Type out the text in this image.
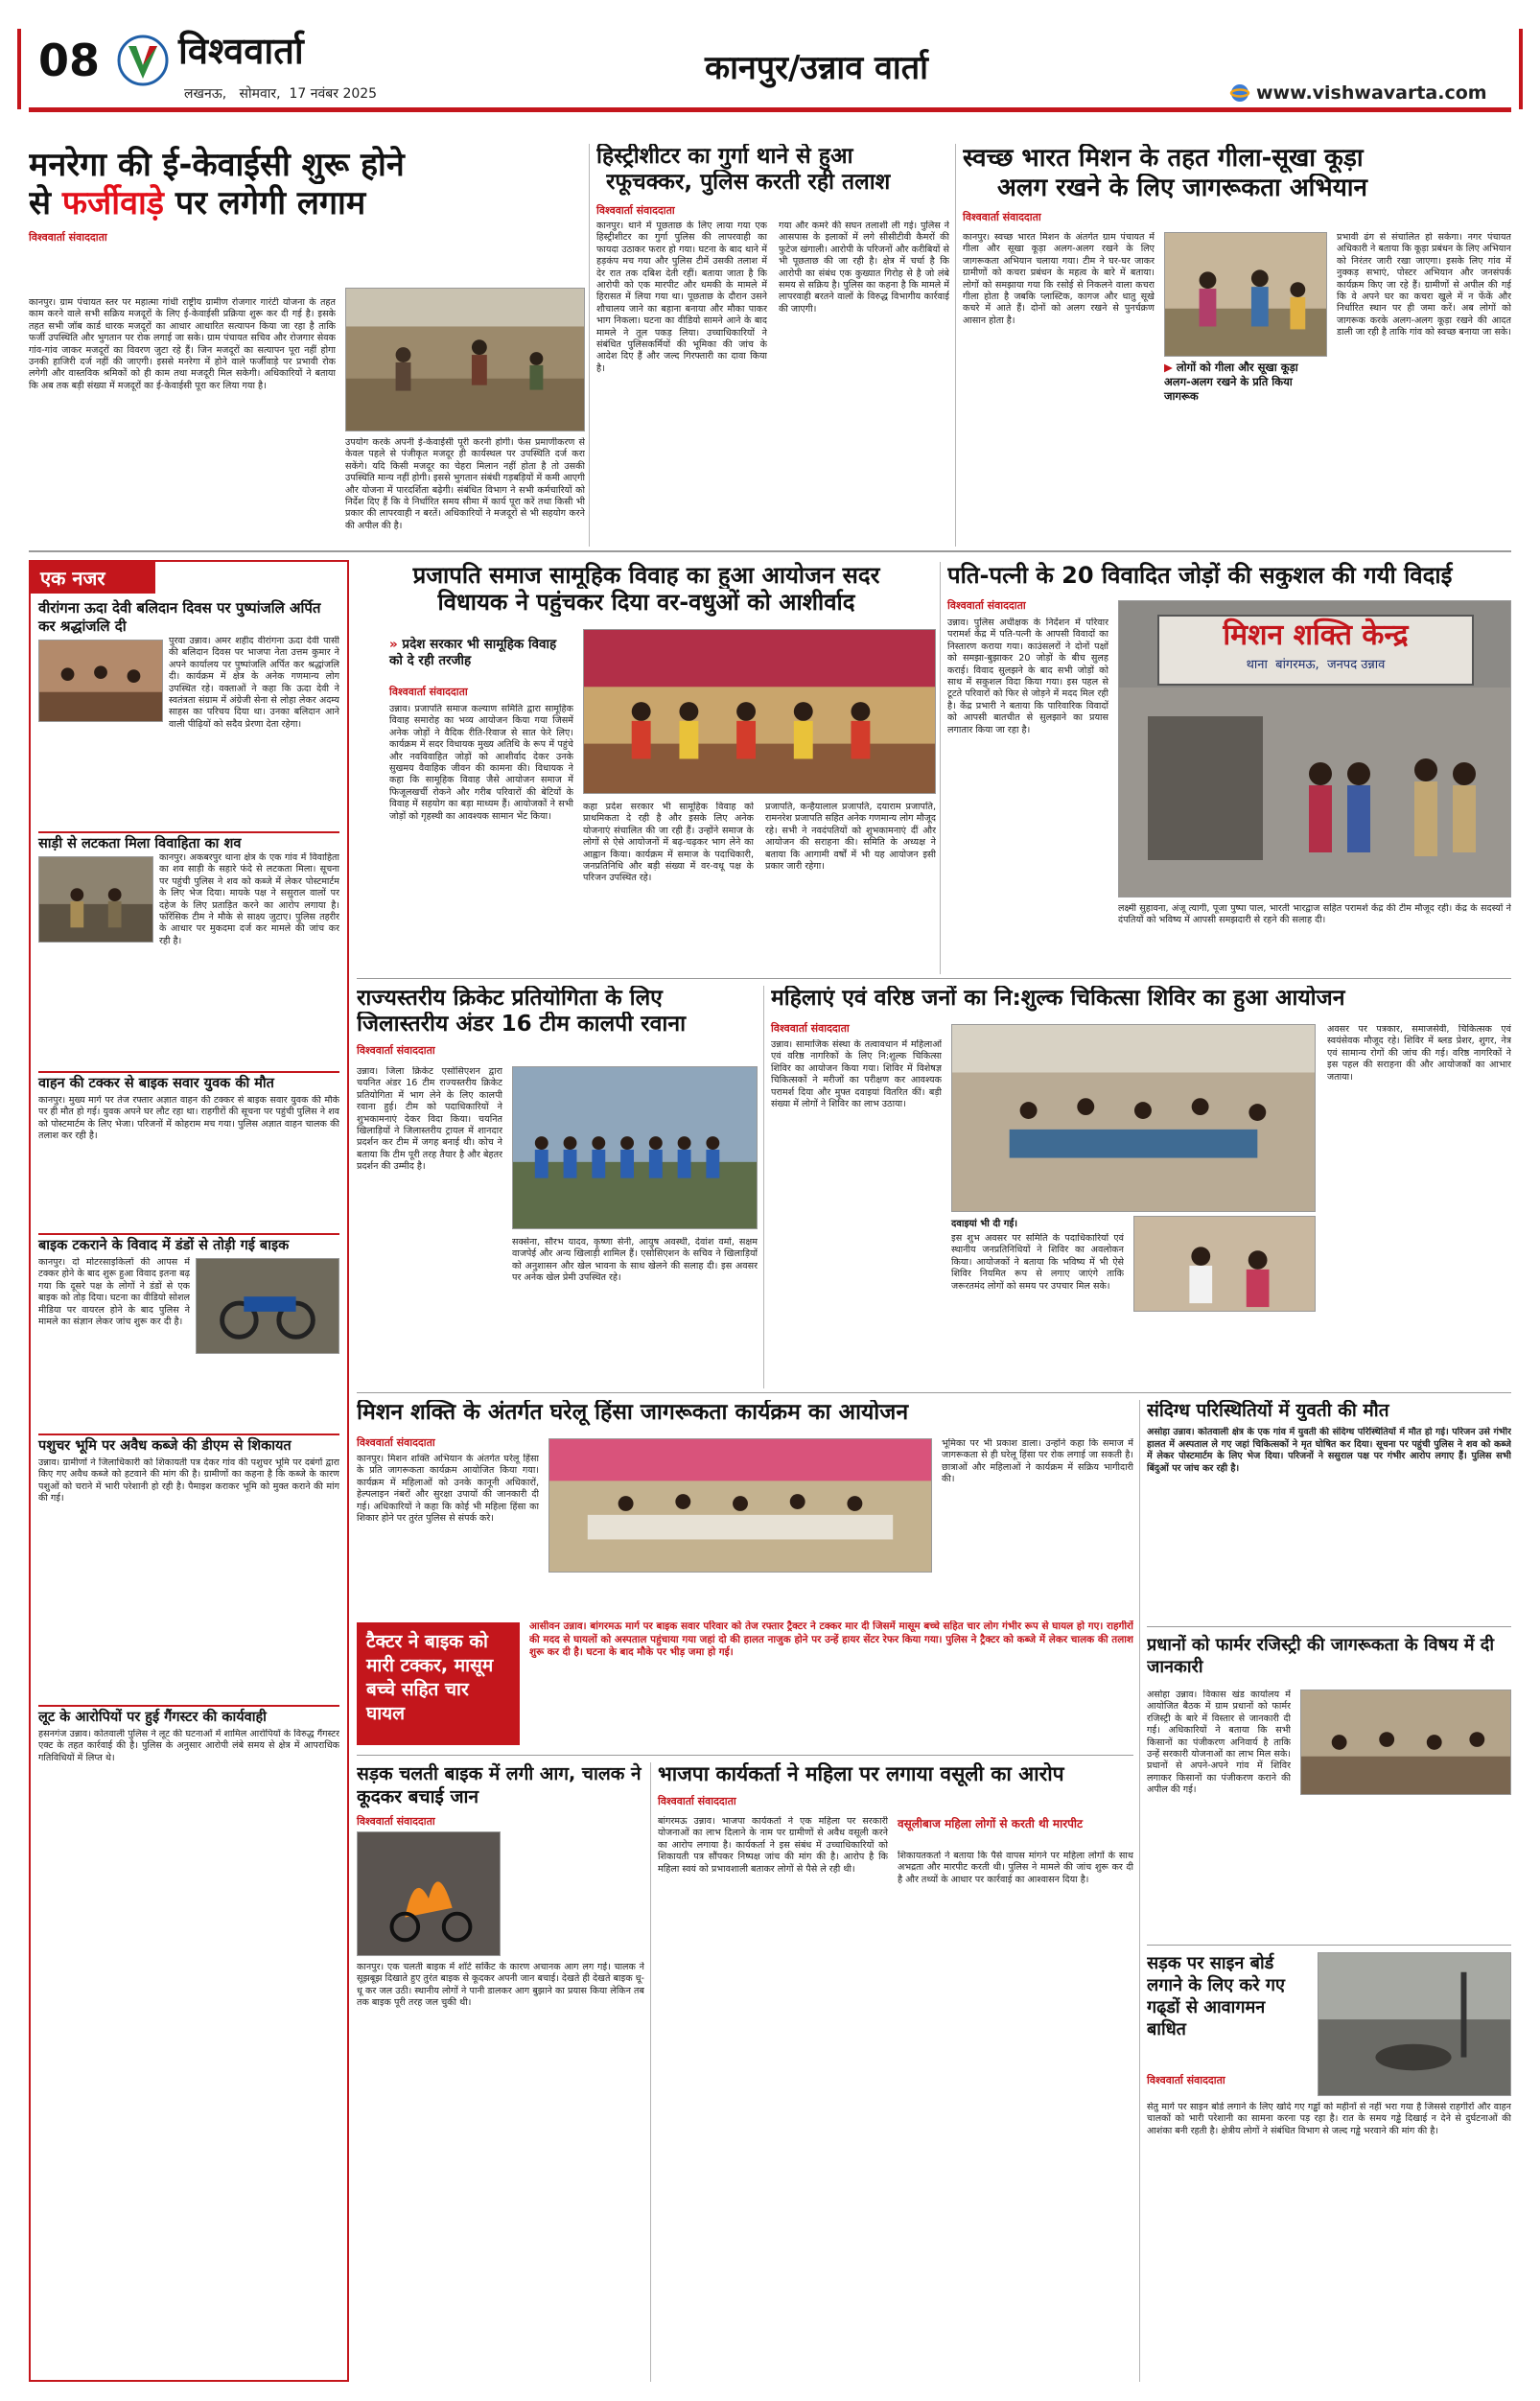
08 विश्ववार्ता
लखनऊ,   सोमवार,  17 नवंबर 2025
कानपुर/उन्नाव वार्ता
www.vishwavarta.com
मनरेगा की ई-केवाईसी शुरू होने
से फर्जीवाड़े पर लगेगी लगाम
विश्ववार्ता संवाददाता
कानपुर। ग्राम पंचायत स्तर पर महात्मा गांधी राष्ट्रीय ग्रामीण रोजगार गारंटी योजना के तहत काम करने वाले सभी सक्रिय मजदूरों के लिए ई-केवाईसी प्रक्रिया शुरू कर दी गई है। इसके तहत सभी जॉब कार्ड धारक मजदूरों का आधार आधारित सत्यापन किया जा रहा है ताकि फर्जी उपस्थिति और भुगतान पर रोक लगाई जा सके। ग्राम पंचायत सचिव और रोजगार सेवक गांव-गांव जाकर मजदूरों का विवरण जुटा रहे हैं। जिन मजदूरों का सत्यापन पूरा नहीं होगा उनकी हाजिरी दर्ज नहीं की जाएगी। इससे मनरेगा में होने वाले फर्जीवाड़े पर प्रभावी रोक लगेगी और वास्तविक श्रमिकों को ही काम तथा मजदूरी मिल सकेगी। अधिकारियों ने बताया कि अब तक बड़ी संख्या में मजदूरों का ई-केवाईसी पूरा कर लिया गया है।
उपयोग करके अपनी ई-केवाईसी पूरी करनी होगी। फेस प्रमाणीकरण से केवल पहले से पंजीकृत मजदूर ही कार्यस्थल पर उपस्थिति दर्ज करा सकेंगे। यदि किसी मजदूर का चेहरा मिलान नहीं होता है तो उसकी उपस्थिति मान्य नहीं होगी। इससे भुगतान संबंधी गड़बड़ियों में कमी आएगी और योजना में पारदर्शिता बढ़ेगी। संबंधित विभाग ने सभी कर्मचारियों को निर्देश दिए हैं कि वे निर्धारित समय सीमा में कार्य पूरा करें तथा किसी भी प्रकार की लापरवाही न बरतें। अधिकारियों ने मजदूरों से भी सहयोग करने की अपील की है।
हिस्ट्रीशीटर का गुर्गा थाने से हुआ
रफूचक्कर, पुलिस करती रही तलाश
विश्ववार्ता संवाददाता
कानपुर। थाने में पूछताछ के लिए लाया गया एक हिस्ट्रीशीटर का गुर्गा पुलिस की लापरवाही का फायदा उठाकर फरार हो गया। घटना के बाद थाने में हड़कंप मच गया और पुलिस टीमें उसकी तलाश में देर रात तक दबिश देती रहीं। बताया जाता है कि आरोपी को एक मारपीट और धमकी के मामले में हिरासत में लिया गया था। पूछताछ के दौरान उसने शौचालय जाने का बहाना बनाया और मौका पाकर भाग निकला। घटना का वीडियो सामने आने के बाद मामले ने तूल पकड़ लिया। उच्चाधिकारियों ने संबंधित पुलिसकर्मियों की भूमिका की जांच के आदेश दिए हैं और जल्द गिरफ्तारी का दावा किया है।
गया और कमरे की सघन तलाशी ली गई। पुलिस ने आसपास के इलाकों में लगे सीसीटीवी कैमरों की फुटेज खंगाली। आरोपी के परिजनों और करीबियों से भी पूछताछ की जा रही है। क्षेत्र में चर्चा है कि आरोपी का संबंध एक कुख्यात गिरोह से है जो लंबे समय से सक्रिय है। पुलिस का कहना है कि मामले में लापरवाही बरतने वालों के विरुद्ध विभागीय कार्रवाई की जाएगी।
स्वच्छ भारत मिशन के तहत गीला-सूखा कूड़ा
अलग रखने के लिए जागरूकता अभियान
विश्ववार्ता संवाददाता
कानपुर। स्वच्छ भारत मिशन के अंतर्गत ग्राम पंचायत में गीला और सूखा कूड़ा अलग-अलग रखने के लिए जागरूकता अभियान चलाया गया। टीम ने घर-घर जाकर ग्रामीणों को कचरा प्रबंधन के महत्व के बारे में बताया। लोगों को समझाया गया कि रसोई से निकलने वाला कचरा गीला होता है जबकि प्लास्टिक, कागज और धातु सूखे कचरे में आते हैं। दोनों को अलग रखने से पुनर्चक्रण आसान होता है।
▶ लोगों को गीला और सूखा कूड़ा अलग-अलग रखने के प्रति किया जागरूक
प्रभावी ढंग से संचालित हो सकेगा। नगर पंचायत अधिकारी ने बताया कि कूड़ा प्रबंधन के लिए अभियान को निरंतर जारी रखा जाएगा। इसके लिए गांव में नुक्कड़ सभाएं, पोस्टर अभियान और जनसंपर्क कार्यक्रम किए जा रहे हैं। ग्रामीणों से अपील की गई कि वे अपने घर का कचरा खुले में न फेंकें और निर्धारित स्थान पर ही जमा करें। अब लोगों को जागरूक करके अलग-अलग कूड़ा रखने की आदत डाली जा रही है ताकि गांव को स्वच्छ बनाया जा सके।
एक नजर
वीरांगना ऊदा देवी बलिदान दिवस पर पुष्पांजलि अर्पित कर श्रद्धांजलि दी
पुरवा उन्नाव। अमर शहीद वीरांगना ऊदा देवी पासी की बलिदान दिवस पर भाजपा नेता उत्तम कुमार ने अपने कार्यालय पर पुष्पांजलि अर्पित कर श्रद्धांजलि दी। कार्यक्रम में क्षेत्र के अनेक गणमान्य लोग उपस्थित रहे। वक्ताओं ने कहा कि ऊदा देवी ने स्वतंत्रता संग्राम में अंग्रेजी सेना से लोहा लेकर अदम्य साहस का परिचय दिया था। उनका बलिदान आने वाली पीढ़ियों को सदैव प्रेरणा देता रहेगा।
साड़ी से लटकता मिला विवाहिता का शव
कानपुर। अकबरपुर थाना क्षेत्र के एक गांव में विवाहिता का शव साड़ी के सहारे फंदे से लटकता मिला। सूचना पर पहुंची पुलिस ने शव को कब्जे में लेकर पोस्टमार्टम के लिए भेज दिया। मायके पक्ष ने ससुराल वालों पर दहेज के लिए प्रताड़ित करने का आरोप लगाया है। फॉरेंसिक टीम ने मौके से साक्ष्य जुटाए। पुलिस तहरीर के आधार पर मुकदमा दर्ज कर मामले की जांच कर रही है।
वाहन की टक्कर से बाइक सवार युवक की मौत
कानपुर। मुख्य मार्ग पर तेज रफ्तार अज्ञात वाहन की टक्कर से बाइक सवार युवक की मौके पर ही मौत हो गई। युवक अपने घर लौट रहा था। राहगीरों की सूचना पर पहुंची पुलिस ने शव को पोस्टमार्टम के लिए भेजा। परिजनों में कोहराम मच गया। पुलिस अज्ञात वाहन चालक की तलाश कर रही है।
बाइक टकराने के विवाद में डंडों से तोड़ी गई बाइक
कानपुर। दो मोटरसाइकिलों की आपस में टक्कर होने के बाद शुरू हुआ विवाद इतना बढ़ गया कि दूसरे पक्ष के लोगों ने डंडों से एक बाइक को तोड़ दिया। घटना का वीडियो सोशल मीडिया पर वायरल होने के बाद पुलिस ने मामले का संज्ञान लेकर जांच शुरू कर दी है।
पशुचर भूमि पर अवैध कब्जे की डीएम से शिकायत
उन्नाव। ग्रामीणों ने जिलाधिकारी को शिकायती पत्र देकर गांव की पशुचर भूमि पर दबंगों द्वारा किए गए अवैध कब्जे को हटवाने की मांग की है। ग्रामीणों का कहना है कि कब्जे के कारण पशुओं को चराने में भारी परेशानी हो रही है। पैमाइश कराकर भूमि को मुक्त कराने की मांग की गई।
लूट के आरोपियों पर हुई गैंगस्टर की कार्यवाही
हसनगंज उन्नाव। कोतवाली पुलिस ने लूट की घटनाओं में शामिल आरोपियों के विरुद्ध गैंगस्टर एक्ट के तहत कार्रवाई की है। पुलिस के अनुसार आरोपी लंबे समय से क्षेत्र में आपराधिक गतिविधियों में लिप्त थे।
प्रजापति समाज सामूहिक विवाह का हुआ आयोजन सदर
विधायक ने पहुंचकर दिया वर-वधुओं को आशीर्वाद
» प्रदेश सरकार भी सामूहिक विवाह को दे रही तरजीह
विश्ववार्ता संवाददाता
उन्नाव। प्रजापति समाज कल्याण समिति द्वारा सामूहिक विवाह समारोह का भव्य आयोजन किया गया जिसमें अनेक जोड़ों ने वैदिक रीति-रिवाज से सात फेरे लिए। कार्यक्रम में सदर विधायक मुख्य अतिथि के रूप में पहुंचे और नवविवाहित जोड़ों को आशीर्वाद देकर उनके सुखमय वैवाहिक जीवन की कामना की। विधायक ने कहा कि सामूहिक विवाह जैसे आयोजन समाज में फिजूलखर्ची रोकने और गरीब परिवारों की बेटियों के विवाह में सहयोग का बड़ा माध्यम हैं। आयोजकों ने सभी जोड़ों को गृहस्थी का आवश्यक सामान भेंट किया।
कहा प्रदेश सरकार भी सामूहिक विवाह को प्राथमिकता दे रही है और इसके लिए अनेक योजनाएं संचालित की जा रही हैं। उन्होंने समाज के लोगों से ऐसे आयोजनों में बढ़-चढ़कर भाग लेने का आह्वान किया। कार्यक्रम में समाज के पदाधिकारी, जनप्रतिनिधि और बड़ी संख्या में वर-वधू पक्ष के परिजन उपस्थित रहे।
प्रजापति, कन्हैयालाल प्रजापति, दयाराम प्रजापति, रामनरेश प्रजापति सहित अनेक गणमान्य लोग मौजूद रहे। सभी ने नवदंपतियों को शुभकामनाएं दीं और आयोजन की सराहना की। समिति के अध्यक्ष ने बताया कि आगामी वर्षों में भी यह आयोजन इसी प्रकार जारी रहेगा।
पति-पत्नी के 20 विवादित जोड़ों की सकुशल की गयी विदाई
विश्ववार्ता संवाददाता
उन्नाव। पुलिस अधीक्षक के निर्देशन में परिवार परामर्श केंद्र में पति-पत्नी के आपसी विवादों का निस्तारण कराया गया। काउंसलरों ने दोनों पक्षों को समझा-बुझाकर 20 जोड़ों के बीच सुलह कराई। विवाद सुलझने के बाद सभी जोड़ों को साथ में सकुशल विदा किया गया। इस पहल से टूटते परिवारों को फिर से जोड़ने में मदद मिल रही है। केंद्र प्रभारी ने बताया कि पारिवारिक विवादों को आपसी बातचीत से सुलझाने का प्रयास लगातार किया जा रहा है।
मिशन शक्ति केन्द्र
थाना  बांगरमऊ,  जनपद उन्नाव
लक्ष्मी सुहावना, अंजू त्यागी, पूजा पुष्पा पाल, भारती भारद्वाज सहित परामर्श केंद्र की टीम मौजूद रही। केंद्र के सदस्यों ने दंपतियों को भविष्य में आपसी समझदारी से रहने की सलाह दी।
राज्यस्तरीय क्रिकेट प्रतियोगिता के लिए
जिलास्तरीय अंडर 16 टीम कालपी रवाना
विश्ववार्ता संवाददाता
उन्नाव। जिला क्रिकेट एसोसिएशन द्वारा चयनित अंडर 16 टीम राज्यस्तरीय क्रिकेट प्रतियोगिता में भाग लेने के लिए कालपी रवाना हुई। टीम को पदाधिकारियों ने शुभकामनाएं देकर विदा किया। चयनित खिलाड़ियों ने जिलास्तरीय ट्रायल में शानदार प्रदर्शन कर टीम में जगह बनाई थी। कोच ने बताया कि टीम पूरी तरह तैयार है और बेहतर प्रदर्शन की उम्मीद है।
सक्सेना, सौरभ यादव, कृष्णा सेनी, आयुष अवस्थी, देवांश वर्मा, सक्षम वाजपेई और अन्य खिलाड़ी शामिल हैं। एसोसिएशन के सचिव ने खिलाड़ियों को अनुशासन और खेल भावना के साथ खेलने की सलाह दी। इस अवसर पर अनेक खेल प्रेमी उपस्थित रहे।
महिलाएं एवं वरिष्ठ जनों का नि:शुल्क चिकित्सा शिविर का हुआ आयोजन
विश्ववार्ता संवाददाता
उन्नाव। सामाजिक संस्था के तत्वावधान में महिलाओं एवं वरिष्ठ नागरिकों के लिए नि:शुल्क चिकित्सा शिविर का आयोजन किया गया। शिविर में विशेषज्ञ चिकित्सकों ने मरीजों का परीक्षण कर आवश्यक परामर्श दिया और मुफ्त दवाइयां वितरित कीं। बड़ी संख्या में लोगों ने शिविर का लाभ उठाया।
दवाइयां भी दी गईं।
इस शुभ अवसर पर समिति के पदाधिकारियों एवं स्थानीय जनप्रतिनिधियों ने शिविर का अवलोकन किया। आयोजकों ने बताया कि भविष्य में भी ऐसे शिविर नियमित रूप से लगाए जाएंगे ताकि जरूरतमंद लोगों को समय पर उपचार मिल सके।
अवसर पर पत्रकार, समाजसेवी, चिकित्सक एवं स्वयंसेवक मौजूद रहे। शिविर में ब्लड प्रेशर, शुगर, नेत्र एवं सामान्य रोगों की जांच की गई। वरिष्ठ नागरिकों ने इस पहल की सराहना की और आयोजकों का आभार जताया।
मिशन शक्ति के अंतर्गत घरेलू हिंसा जागरूकता कार्यक्रम का आयोजन
विश्ववार्ता संवाददाता
कानपुर। मिशन शक्ति अभियान के अंतर्गत घरेलू हिंसा के प्रति जागरूकता कार्यक्रम आयोजित किया गया। कार्यक्रम में महिलाओं को उनके कानूनी अधिकारों, हेल्पलाइन नंबरों और सुरक्षा उपायों की जानकारी दी गई। अधिकारियों ने कहा कि कोई भी महिला हिंसा का शिकार होने पर तुरंत पुलिस से संपर्क करे।
भूमिका पर भी प्रकाश डाला। उन्होंने कहा कि समाज में जागरूकता से ही घरेलू हिंसा पर रोक लगाई जा सकती है। छात्राओं और महिलाओं ने कार्यक्रम में सक्रिय भागीदारी की।
टैक्टर ने बाइक को मारी टक्कर, मासूम बच्चे सहित चार घायल
आसीवन उन्नाव। बांगरमऊ मार्ग पर बाइक सवार परिवार को तेज रफ्तार ट्रैक्टर ने टक्कर मार दी जिसमें मासूम बच्चे सहित चार लोग गंभीर रूप से घायल हो गए। राहगीरों की मदद से घायलों को अस्पताल पहुंचाया गया जहां दो की हालत नाजुक होने पर उन्हें हायर सेंटर रेफर किया गया। पुलिस ने ट्रैक्टर को कब्जे में लेकर चालक की तलाश शुरू कर दी है। घटना के बाद मौके पर भीड़ जमा हो गई।
सड़क चलती बाइक में लगी आग, चालक ने कूदकर बचाई जान
विश्ववार्ता संवाददाता
कानपुर। एक चलती बाइक में शॉर्ट सर्किट के कारण अचानक आग लग गई। चालक ने सूझबूझ दिखाते हुए तुरंत बाइक से कूदकर अपनी जान बचाई। देखते ही देखते बाइक धू-धू कर जल उठी। स्थानीय लोगों ने पानी डालकर आग बुझाने का प्रयास किया लेकिन तब तक बाइक पूरी तरह जल चुकी थी।
भाजपा कार्यकर्ता ने महिला पर लगाया वसूली का आरोप
विश्ववार्ता संवाददाता
बांगरमऊ उन्नाव। भाजपा कार्यकर्ता ने एक महिला पर सरकारी योजनाओं का लाभ दिलाने के नाम पर ग्रामीणों से अवैध वसूली करने का आरोप लगाया है। कार्यकर्ता ने इस संबंध में उच्चाधिकारियों को शिकायती पत्र सौंपकर निष्पक्ष जांच की मांग की है। आरोप है कि महिला स्वयं को प्रभावशाली बताकर लोगों से पैसे ले रही थी।
वसूलीबाज महिला लोगों से करती थी मारपीट
शिकायतकर्ता ने बताया कि पैसे वापस मांगने पर महिला लोगों के साथ अभद्रता और मारपीट करती थी। पुलिस ने मामले की जांच शुरू कर दी है और तथ्यों के आधार पर कार्रवाई का आश्वासन दिया है।
संदिग्ध परिस्थितियों में युवती की मौत
असोहा उन्नाव। कोतवाली क्षेत्र के एक गांव में युवती की संदिग्ध परिस्थितियों में मौत हो गई। परिजन उसे गंभीर हालत में अस्पताल ले गए जहां चिकित्सकों ने मृत घोषित कर दिया। सूचना पर पहुंची पुलिस ने शव को कब्जे में लेकर पोस्टमार्टम के लिए भेज दिया। परिजनों ने ससुराल पक्ष पर गंभीर आरोप लगाए हैं। पुलिस सभी बिंदुओं पर जांच कर रही है।
प्रधानों को फार्मर रजिस्ट्री की जागरूकता के विषय में दी जानकारी
असोहा उन्नाव। विकास खंड कार्यालय में आयोजित बैठक में ग्राम प्रधानों को फार्मर रजिस्ट्री के बारे में विस्तार से जानकारी दी गई। अधिकारियों ने बताया कि सभी किसानों का पंजीकरण अनिवार्य है ताकि उन्हें सरकारी योजनाओं का लाभ मिल सके। प्रधानों से अपने-अपने गांव में शिविर लगाकर किसानों का पंजीकरण कराने की अपील की गई।
सड़क पर साइन बोर्ड लगाने के लिए करे गए गढ्डों से आवागमन बाधित
विश्ववार्ता संवाददाता
सेतु मार्ग पर साइन बोर्ड लगाने के लिए खोदे गए गड्ढों को महीनों से नहीं भरा गया है जिससे राहगीरों और वाहन चालकों को भारी परेशानी का सामना करना पड़ रहा है। रात के समय गड्ढे दिखाई न देने से दुर्घटनाओं की आशंका बनी रहती है। क्षेत्रीय लोगों ने संबंधित विभाग से जल्द गड्ढे भरवाने की मांग की है।
